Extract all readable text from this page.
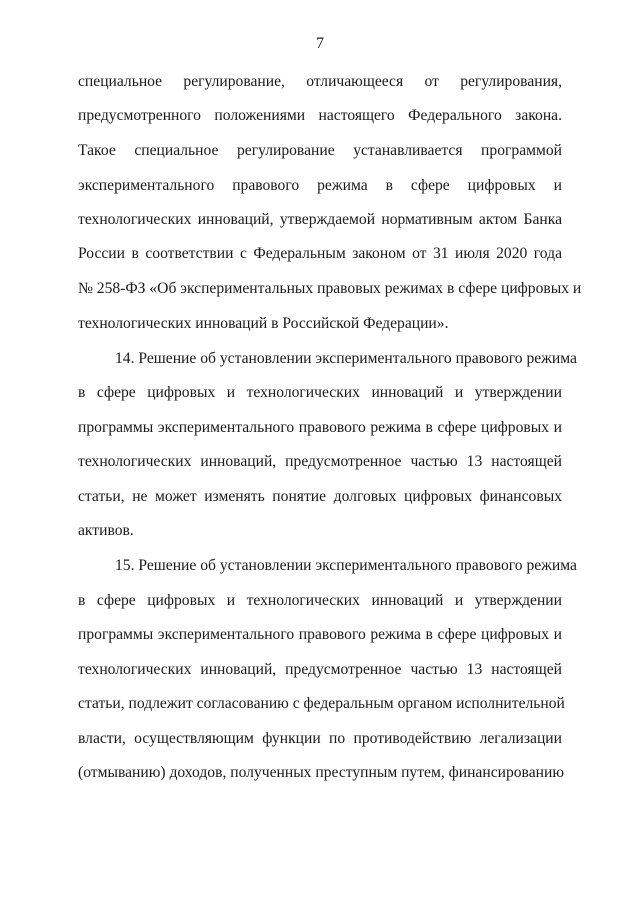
7
специальное регулирование, отличающееся от регулирования,
предусмотренного положениями настоящего Федерального закона.
Такое специальное регулирование устанавливается программой
экспериментального правового режима в сфере цифровых и
технологических инноваций, утверждаемой нормативным актом Банка
России в соответствии с Федеральным законом от 31 июля 2020 года
№ 258-ФЗ «Об экспериментальных правовых режимах в сфере цифровых и
технологических инноваций в Российской Федерации».
14. Решение об установлении экспериментального правового режима
в сфере цифровых и технологических инноваций и утверждении
программы экспериментального правового режима в сфере цифровых и
технологических инноваций, предусмотренное частью 13 настоящей
статьи, не может изменять понятие долговых цифровых финансовых
активов.
15. Решение об установлении экспериментального правового режима
в сфере цифровых и технологических инноваций и утверждении
программы экспериментального правового режима в сфере цифровых и
технологических инноваций, предусмотренное частью 13 настоящей
статьи, подлежит согласованию с федеральным органом исполнительной
власти, осуществляющим функции по противодействию легализации
(отмыванию) доходов, полученных преступным путем, финансированию
